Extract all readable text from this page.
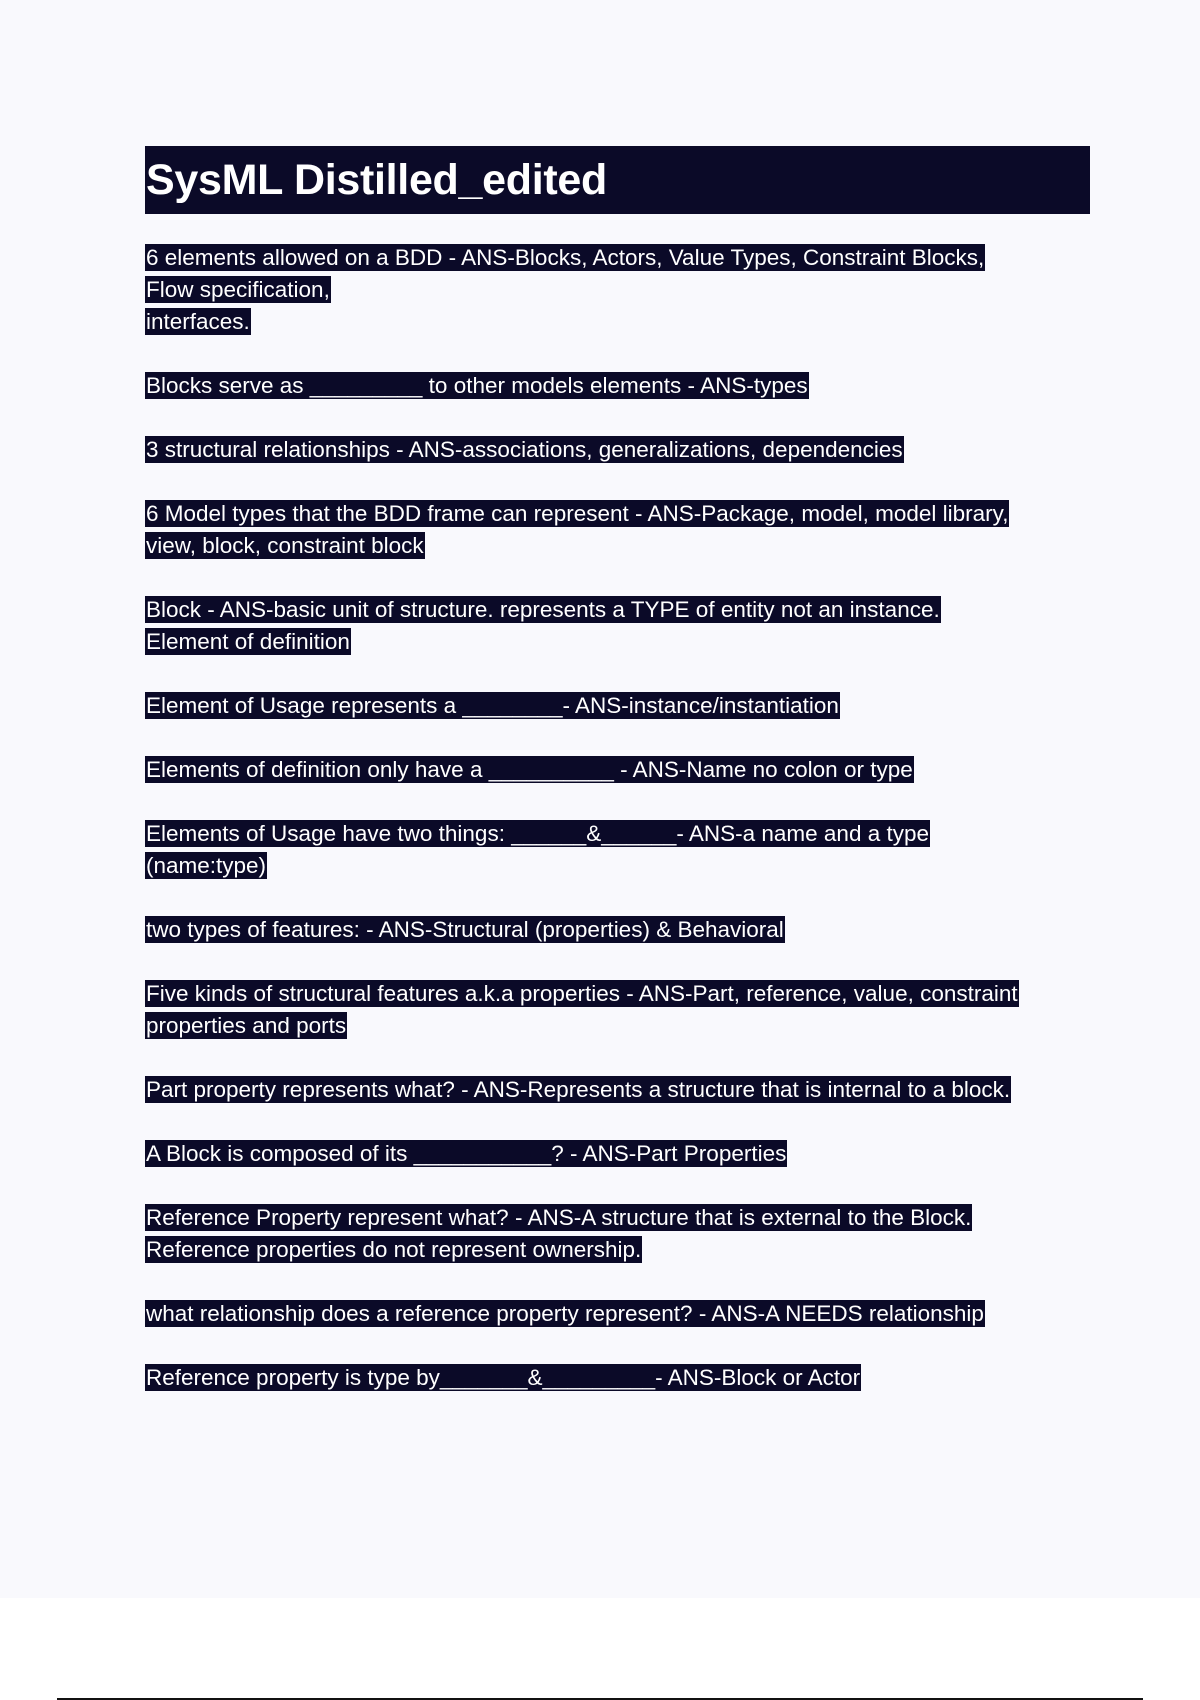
SysML Distilled_edited
6 elements allowed on a BDD - ANS-Blocks, Actors, Value Types, Constraint Blocks,
Flow specification,
interfaces.
Blocks serve as _________ to other models elements - ANS-types
3 structural relationships - ANS-associations, generalizations, dependencies
6 Model types that the BDD frame can represent - ANS-Package, model, model library,
view, block, constraint block
Block - ANS-basic unit of structure. represents a TYPE of entity not an instance.
Element of definition
Element of Usage represents a ________- ANS-instance/instantiation
Elements of definition only have a __________ - ANS-Name no colon or type
Elements of Usage have two things: ______&______- ANS-a name and a type
(name:type)
two types of features: - ANS-Structural (properties) & Behavioral
Five kinds of structural features a.k.a properties - ANS-Part, reference, value, constraint
properties and ports
Part property represents what? - ANS-Represents a structure that is internal to a block.
A Block is composed of its ___________? - ANS-Part Properties
Reference Property represent what? - ANS-A structure that is external to the Block.
Reference properties do not represent ownership.
what relationship does a reference property represent? - ANS-A NEEDS relationship
Reference property is type by_______&_________- ANS-Block or Actor
